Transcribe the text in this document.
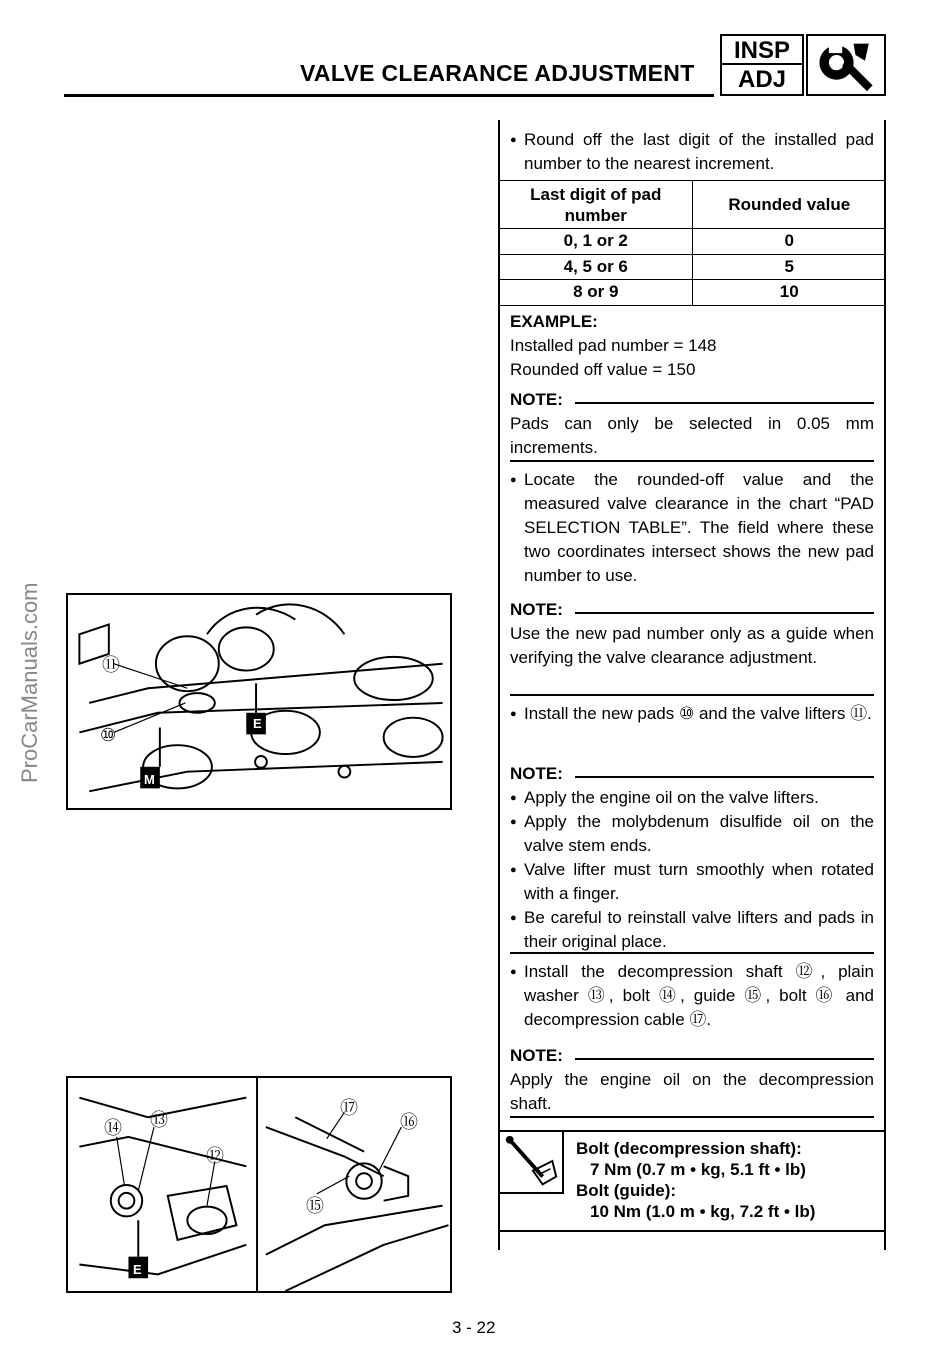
VALVE CLEARANCE ADJUSTMENT
INSP
ADJ
ProCarManuals.com	⑪
⑩
E
M
⑭ ⑬
⑫
⑰
⑯
⑮
E
● Round off the last digit of the installed pad number to the nearest increment.
Last digit of pad number	Rounded value
0, 1 or 2	0
4, 5 or 6	5
8 or 9	10
EXAMPLE:
Installed pad number = 148
Rounded off value = 150
NOTE:
Pads can only be selected in 0.05 mm increments.
● Locate the rounded-off value and the measured valve clearance in the chart “PAD SELECTION TABLE”. The field where these two coordinates intersect shows the new pad number to use.
NOTE:
Use the new pad number only as a guide when verifying the valve clearance adjustment.
● Install the new pads ⑩ and the valve lifters ⑪.
NOTE:
● Apply the engine oil on the valve lifters.
● Apply the molybdenum disulfide oil on the valve stem ends.
● Valve lifter must turn smoothly when rotated with a finger.
● Be careful to reinstall valve lifters and pads in their original place.
● Install the decompression shaft ⑫, plain washer ⑬, bolt ⑭, guide ⑮, bolt ⑯ and decompression cable ⑰.
NOTE:
Apply the engine oil on the decompression shaft.
Bolt (decompression shaft):
7 Nm (0.7 m • kg, 5.1 ft • lb)
Bolt (guide):
10 Nm (1.0 m • kg, 7.2 ft • lb)
3 - 22
